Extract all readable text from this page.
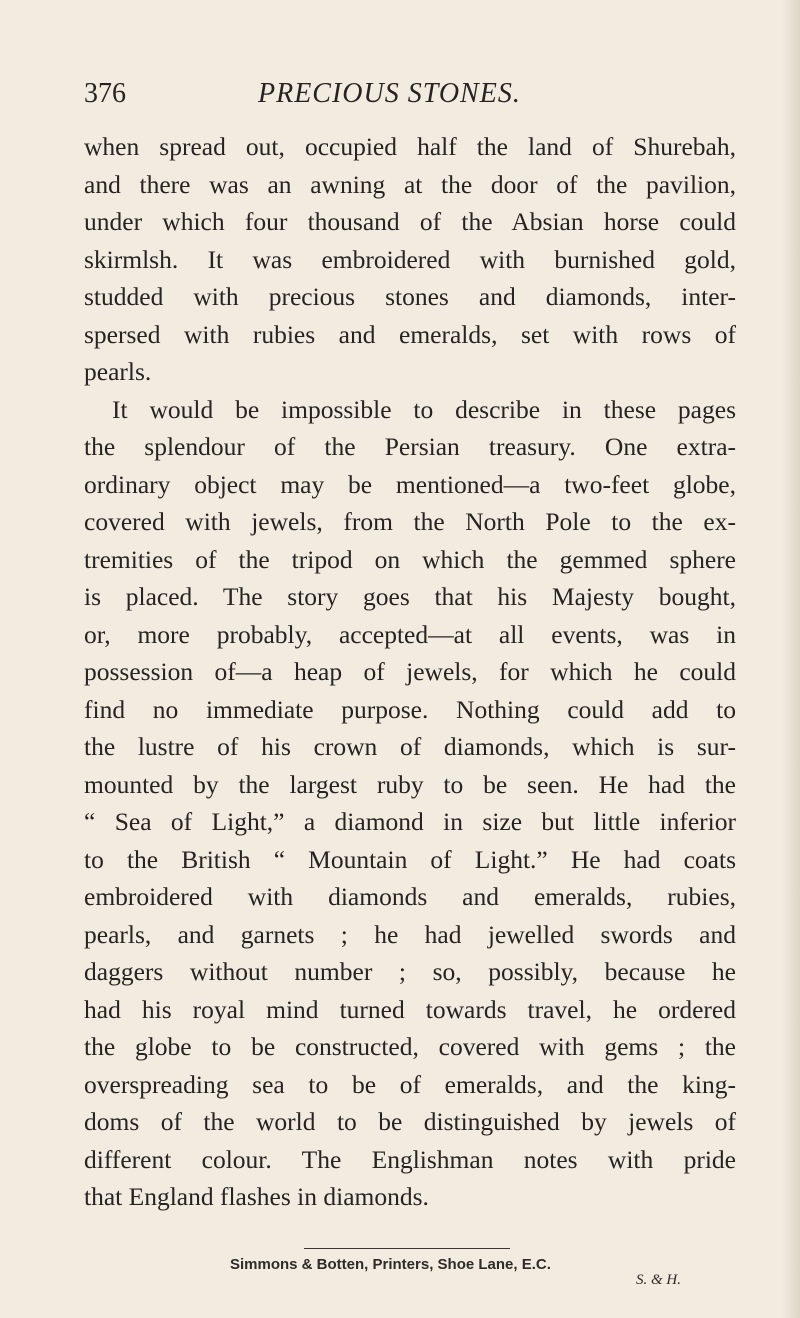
376	PRECIOUS STONES.
when spread out, occupied half the land of Shurebah,
and there was an awning at the door of the pavilion,
under which four thousand of the Absian horse could
skirmlsh. It was embroidered with burnished gold,
studded with precious stones and diamonds, inter-
spersed with rubies and emeralds, set with rows of
pearls.
It would be impossible to describe in these pages
the splendour of the Persian treasury. One extra-
ordinary object may be mentioned—a two-feet globe,
covered with jewels, from the North Pole to the ex-
tremities of the tripod on which the gemmed sphere
is placed. The story goes that his Majesty bought,
or, more probably, accepted—at all events, was in
possession of—a heap of jewels, for which he could
find no immediate purpose. Nothing could add to
the lustre of his crown of diamonds, which is sur-
mounted by the largest ruby to be seen. He had the
“ Sea of Light,” a diamond in size but little inferior
to the British “ Mountain of Light.” He had coats
embroidered with diamonds and emeralds, rubies,
pearls, and garnets ; he had jewelled swords and
daggers without number ; so, possibly, because he
had his royal mind turned towards travel, he ordered
the globe to be constructed, covered with gems ; the
overspreading sea to be of emeralds, and the king-
doms of the world to be distinguished by jewels of
different colour. The Englishman notes with pride
that England flashes in diamonds.
Simmons & Botten, Printers, Shoe Lane, E.C.
S. & H.
